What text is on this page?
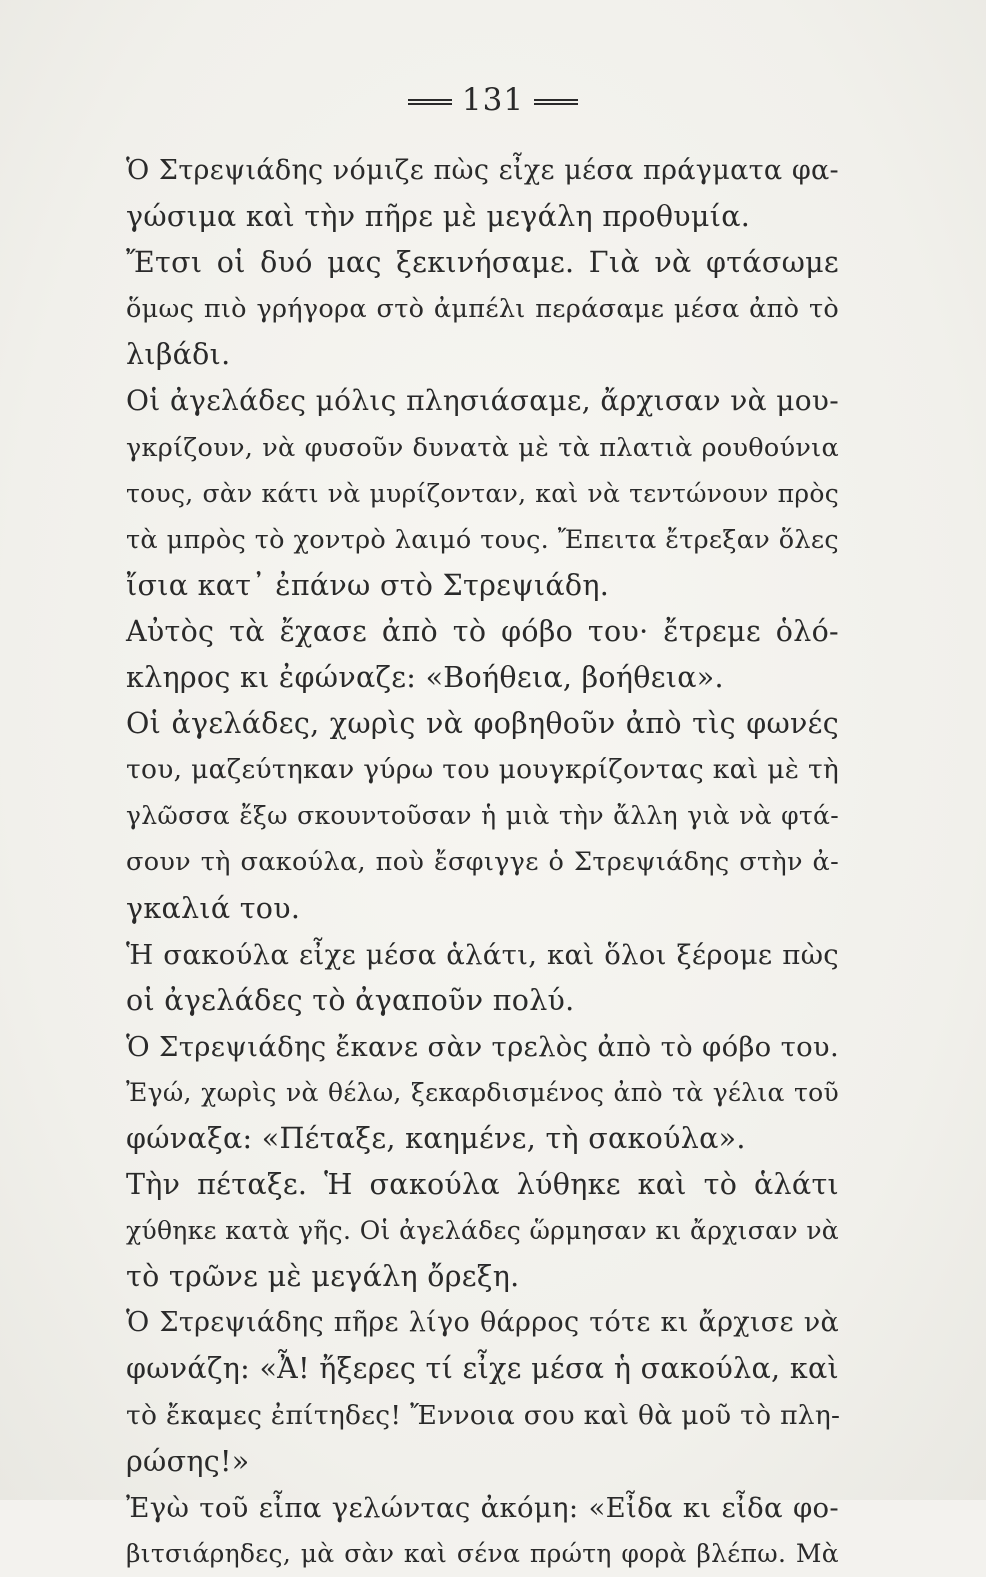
131
Ὁ Στρεψιάδης νόμιζε πὼς εἶχε μέσα πράγματα φα-
γώσιμα καὶ τὴν πῆρε μὲ μεγάλη προθυμία.
Ἔτσι οἱ δυό μας ξεκινήσαμε. Γιὰ νὰ φτάσωμε
ὅμως πιὸ γρήγορα στὸ ἀμπέλι περάσαμε μέσα ἀπὸ τὸ
λιβάδι.
Οἱ ἀγελάδες μόλις πλησιάσαμε, ἄρχισαν νὰ μου-
γκρίζουν, νὰ φυσοῦν δυνατὰ μὲ τὰ πλατιὰ ρουθούνια
τους, σὰν κάτι νὰ μυρίζονταν, καὶ νὰ τεντώνουν πρὸς
τὰ μπρὸς τὸ χοντρὸ λαιμό τους. Ἔπειτα ἔτρεξαν ὅλες
ἴσια κατ᾿ ἐπάνω στὸ Στρεψιάδη.
Αὐτὸς τὰ ἔχασε ἀπὸ τὸ φόβο του· ἔτρεμε ὁλό-
κληρος κι ἐφώναζε: «Βοήθεια, βοήθεια».
Οἱ ἀγελάδες, χωρὶς νὰ φοβηθοῦν ἀπὸ τὶς φωνές
του, μαζεύτηκαν γύρω του μουγκρίζοντας καὶ μὲ τὴ
γλῶσσα ἔξω σκουντοῦσαν ἡ μιὰ τὴν ἄλλη γιὰ νὰ φτά-
σουν τὴ σακούλα, ποὺ ἔσφιγγε ὁ Στρεψιάδης στὴν ἀ-
γκαλιά του.
Ἡ σακούλα εἶχε μέσα ἁλάτι, καὶ ὅλοι ξέρομε πὼς
οἱ ἀγελάδες τὸ ἀγαποῦν πολύ.
Ὁ Στρεψιάδης ἔκανε σὰν τρελὸς ἀπὸ τὸ φόβο του.
Ἐγώ, χωρὶς νὰ θέλω, ξεκαρδισμένος ἀπὸ τὰ γέλια τοῦ
φώναξα: «Πέταξε, καημένε, τὴ σακούλα».
Τὴν πέταξε. Ἡ σακούλα λύθηκε καὶ τὸ ἁλάτι
χύθηκε κατὰ γῆς. Οἱ ἀγελάδες ὥρμησαν κι ἄρχισαν νὰ
τὸ τρῶνε μὲ μεγάλη ὄρεξη.
Ὁ Στρεψιάδης πῆρε λίγο θάρρος τότε κι ἄρχισε νὰ
φωνάζη: «Ἆ! ἤξερες τί εἶχε μέσα ἡ σακούλα, καὶ
τὸ ἔκαμες ἐπίτηδες! Ἔννοια σου καὶ θὰ μοῦ τὸ πλη-
ρώσης!»
Ἐγὼ τοῦ εἶπα γελώντας ἀκόμη: «Εἶδα κι εἶδα φο-
βιτσιάρηδες, μὰ σὰν καὶ σένα πρώτη φορὰ βλέπω. Μὰ
